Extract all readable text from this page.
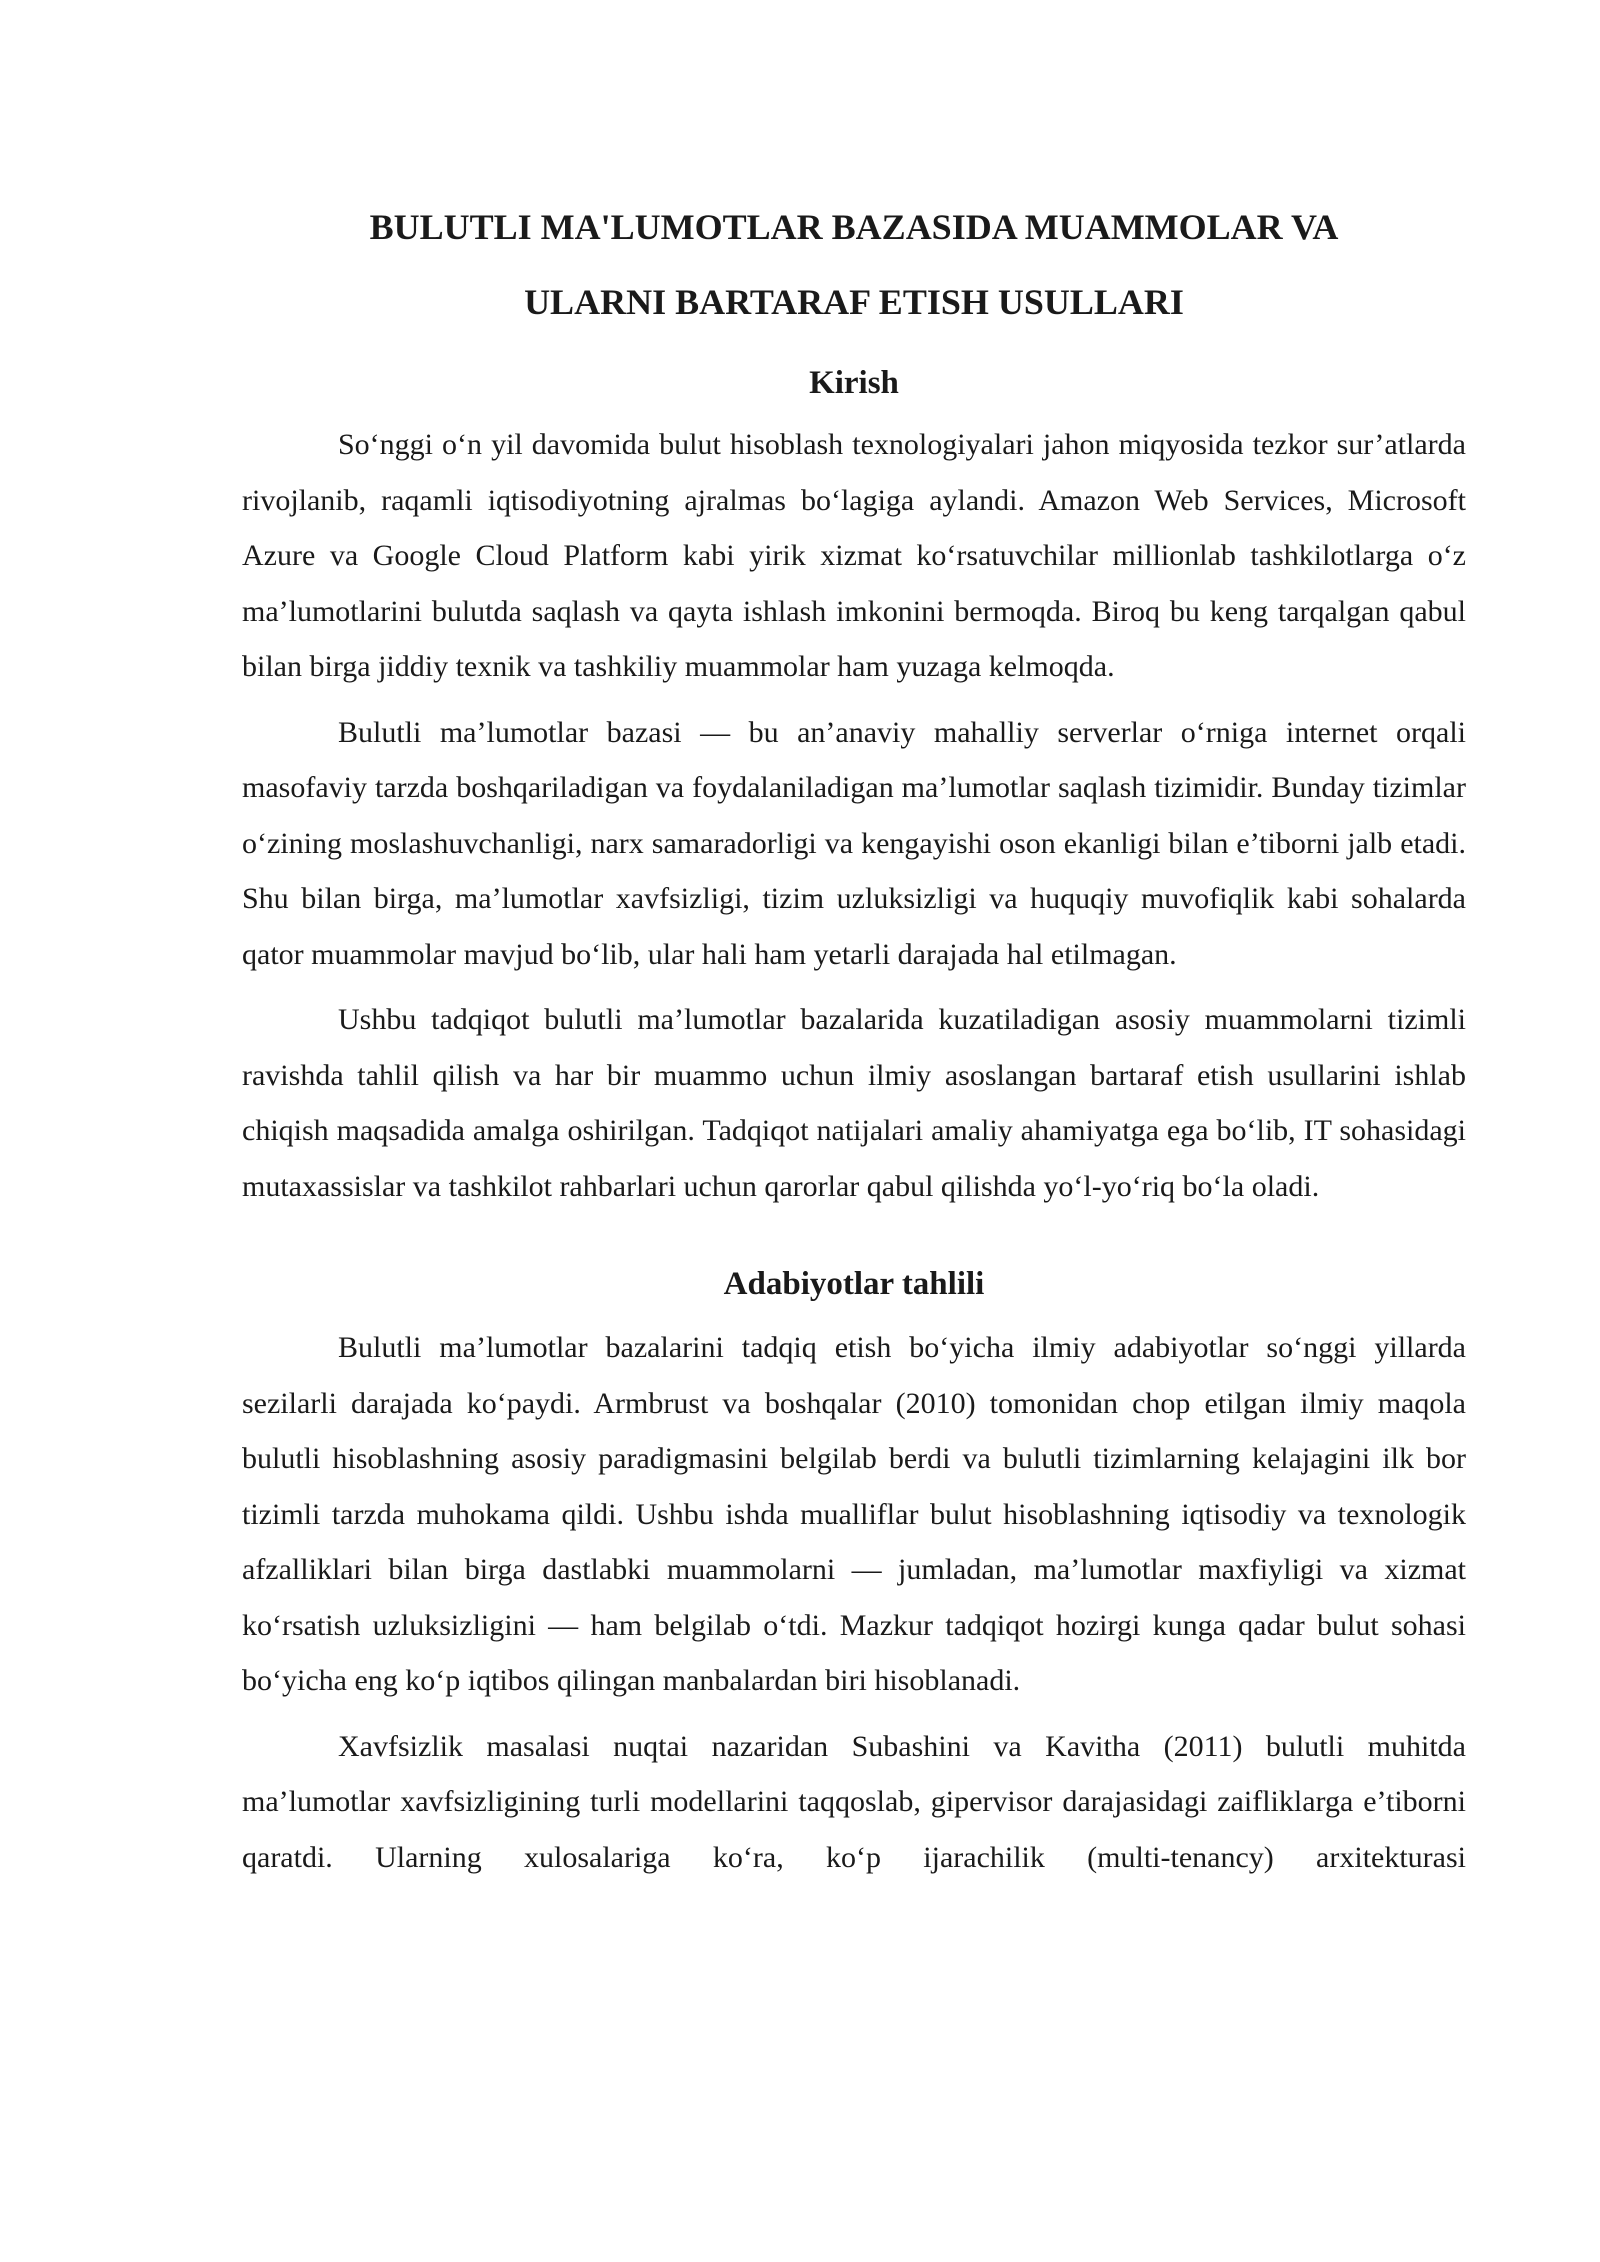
BULUTLI MA'LUMOTLAR BAZASIDA MUAMMOLAR VA
ULARNI BARTARAF ETISH USULLARI
Kirish

So‘nggi o‘n yil davomida bulut hisoblash texnologiyalari jahon miqyosida tezkor sur’atlarda rivojlanib, raqamli iqtisodiyotning ajralmas bo‘lagiga aylandi. Amazon Web Services, Microsoft Azure va Google Cloud Platform kabi yirik xizmat ko‘rsatuvchilar millionlab tashkilotlarga o‘z ma’lumotlarini bulutda saqlash va qayta ishlash imkonini bermoqda. Biroq bu keng tarqalgan qabul bilan birga jiddiy texnik va tashkiliy muammolar ham yuzaga kelmoqda.

Bulutli ma’lumotlar bazasi — bu an’anaviy mahalliy serverlar o‘rniga internet orqali masofaviy tarzda boshqariladigan va foydalaniladigan ma’lumotlar saqlash tizimidir. Bunday tizimlar o‘zining moslashuvchanligi, narx samaradorligi va kengayishi oson ekanligi bilan e’tiborni jalb etadi. Shu bilan birga, ma’lumotlar xavfsizligi, tizim uzluksizligi va huquqiy muvofiqlik kabi sohalarda qator muammolar mavjud bo‘lib, ular hali ham yetarli darajada hal etilmagan.

Ushbu tadqiqot bulutli ma’lumotlar bazalarida kuzatiladigan asosiy muammolarni tizimli ravishda tahlil qilish va har bir muammo uchun ilmiy asoslangan bartaraf etish usullarini ishlab chiqish maqsadida amalga oshirilgan. Tadqiqot natijalari amaliy ahamiyatga ega bo‘lib, IT sohasidagi mutaxassislar va tashkilot rahbarlari uchun qarorlar qabul qilishda yo‘l-yo‘riq bo‘la oladi.

Adabiyotlar tahlili

Bulutli ma’lumotlar bazalarini tadqiq etish bo‘yicha ilmiy adabiyotlar so‘nggi yillarda sezilarli darajada ko‘paydi. Armbrust va boshqalar (2010) tomonidan chop etilgan ilmiy maqola bulutli hisoblashning asosiy paradigmasini belgilab berdi va bulutli tizimlarning kelajagini ilk bor tizimli tarzda muhokama qildi. Ushbu ishda mualliflar bulut hisoblashning iqtisodiy va texnologik afzalliklari bilan birga dastlabki muammolarni — jumladan, ma’lumotlar maxfiyligi va xizmat ko‘rsatish uzluksizligini — ham belgilab o‘tdi. Mazkur tadqiqot hozirgi kunga qadar bulut sohasi bo‘yicha eng ko‘p iqtibos qilingan manbalardan biri hisoblanadi.

Xavfsizlik masalasi nuqtai nazaridan Subashini va Kavitha (2011) bulutli muhitda ma’lumotlar xavfsizligining turli modellarini taqqoslab, gipervisor darajasidagi zaifliklarga e’tiborni qaratdi. Ularning xulosalariga ko‘ra, ko‘p ijarachilik (multi-tenancy) arxitekturasi
